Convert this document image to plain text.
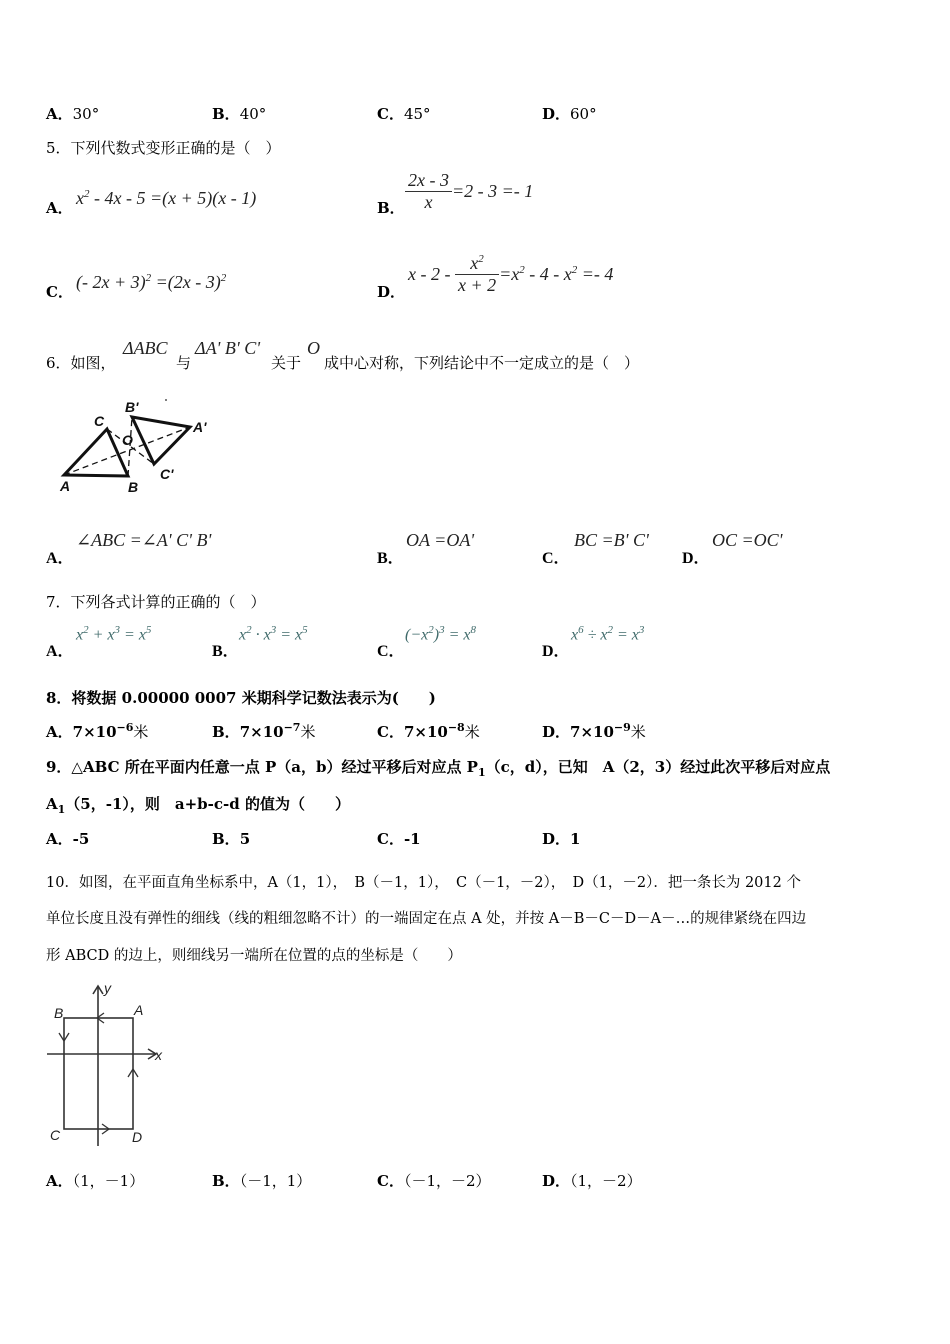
A．30°	B．40°	C．45°	D．60°
5．下列代数式变形正确的是（　）
A． $x^2 - 4x - 5 =(x + 5)(x - 1)$	B． $\frac{2x - 3}{x} =2 - 3 =- 1$
C． (- 2x + 3)$^2$ =(2x - 3)$^2$
D．
$x - 2 - \frac{x^2}{x + 2} =x^2 - 4 - x^2 =- 4$
6．如图，
ΔABC
与
ΔA' B' C'
关于
O
成中心对称，下列结论中不一定成立的是（　）
A	B
C
O
A'
B'
C'
A．
∠ABC =∠A' C' B'
B．
OA =OA'
C．
BC =B' C'
D．
OC =OC'
7．下列各式计算的正确的（　）
A．
$x^2 + x^3 = x^5$
B．
$x^2 \cdot x^3 = x^5$
C．
$(-x^2)^3 = x^8$
D．
$x^6 \div x^2 = x^3$
8．将数据 0.00000 0007 米期科学记数法表示为(　　)
A．$7\times 10^{-6}$米	B．$7\times 10^{-7}$米	C．$7\times 10^{-8}$米	D．$7\times 10^{-9}$米
9．△ABC 所在平面内任意一点 P（a，b）经过平移后对应点 $P_1(c$，d），已知　A（2，3）经过此次平移后对应点
$A_1(5$，-1），则　a+b-c-d 的值为（　　）
A．-5	B．5	C．-1	D．1
10．如图，在平面直角坐标系中，A（1，1），　B（－1，1），　C（－1，－2），　D（1，－2）．把一条长为 2012 个
单位长度且没有弹性的细线（线的粗细忽略不计）的一端固定在点 A 处，并按 A－B－C－D－A－…的规律紧绕在四边
形 ABCD 的边上，则细线另一端所在位置的点的坐标是（　　）
A
B
C	D
x
y
A．（1，－1）	B．（－1，1）	C．（－1，－2）	D．（1，－2）
